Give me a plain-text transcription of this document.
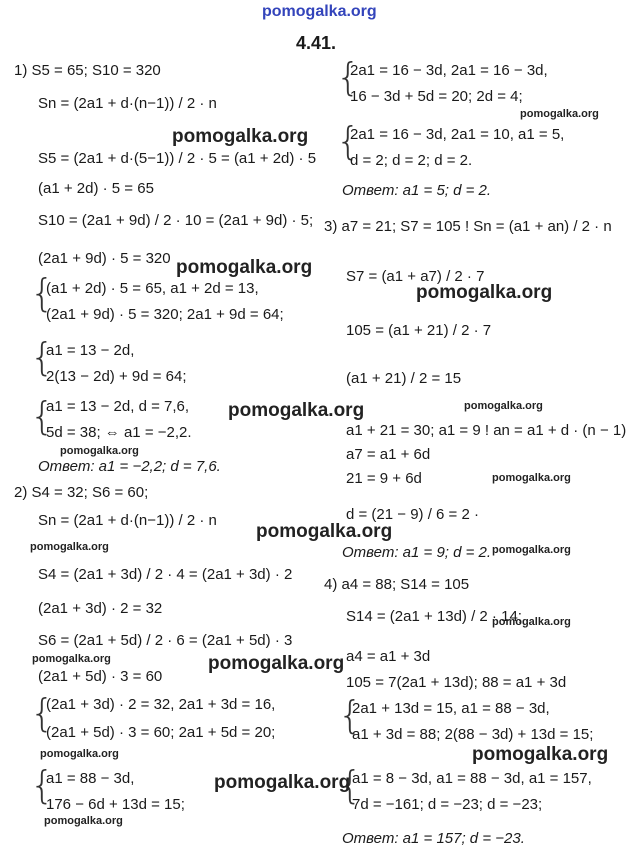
pomogalka.org
4.41.
1) S5 = 65; S10 = 320
Sn = (2a1 + d·(n−1)) / 2 · n
S5 = (2a1 + d·(5−1)) / 2 · 5 = (a1 + 2d) · 5
(a1 + 2d) · 5 = 65
S10 = (2a1 + 9d) / 2 · 10 = (2a1 + 9d) · 5;
(2a1 + 9d) · 5 = 320
{
(a1 + 2d) · 5 = 65, a1 + 2d = 13,
(2a1 + 9d) · 5 = 320; 2a1 + 9d = 64;
{
a1 = 13 − 2d,
2(13 − 2d) + 9d = 64;
{
a1 = 13 − 2d, d = 7,6,
5d = 38; ⇔ a1 = −2,2.
Ответ: a1 = −2,2; d = 7,6.
2) S4 = 32; S6 = 60;
Sn = (2a1 + d·(n−1)) / 2 · n
S4 = (2a1 + 3d) / 2 · 4 = (2a1 + 3d) · 2
(2a1 + 3d) · 2 = 32
S6 = (2a1 + 5d) / 2 · 6 = (2a1 + 5d) · 3
(2a1 + 5d) · 3 = 60
{
(2a1 + 3d) · 2 = 32, 2a1 + 3d = 16,
(2a1 + 5d) · 3 = 60; 2a1 + 5d = 20;
{
a1 = 88 − 3d,
176 − 6d + 13d = 15;
{
2a1 = 16 − 3d, 2a1 = 16 − 3d,
16 − 3d + 5d = 20; 2d = 4;
{
2a1 = 16 − 3d, 2a1 = 10, a1 = 5,
d = 2; d = 2; d = 2.
Ответ: a1 = 5; d = 2.
3) a7 = 21; S7 = 105 ! Sn = (a1 + an) / 2 · n
S7 = (a1 + a7) / 2 · 7
105 = (a1 + 21) / 2 · 7
(a1 + 21) / 2 = 15
a1 + 21 = 30; a1 = 9 ! an = a1 + d · (n − 1)
a7 = a1 + 6d
21 = 9 + 6d
d = (21 − 9) / 6 = 2 ·
Ответ: a1 = 9; d = 2.
4) a4 = 88; S14 = 105
S14 = (2a1 + 13d) / 2 · 14;
a4 = a1 + 3d
105 = 7(2a1 + 13d); 88 = a1 + 3d
{
2a1 + 13d = 15, a1 = 88 − 3d,
a1 + 3d = 88; 2(88 − 3d) + 13d = 15;
{
a1 = 8 − 3d, a1 = 88 − 3d, a1 = 157,
7d = −161; d = −23; d = −23;
Ответ: a1 = 157; d = −23.
pomogalka.org
pomogalka.org
pomogalka.org
pomogalka.org
pomogalka.org
pomogalka.org
pomogalka.org
pomogalka.org
pomogalka.org
pomogalka.org
pomogalka.org
pomogalka.org
pomogalka.org	pomogalka.org
pomogalka.org
pomogalka.org
pomogalka.org
pomogalka.org
